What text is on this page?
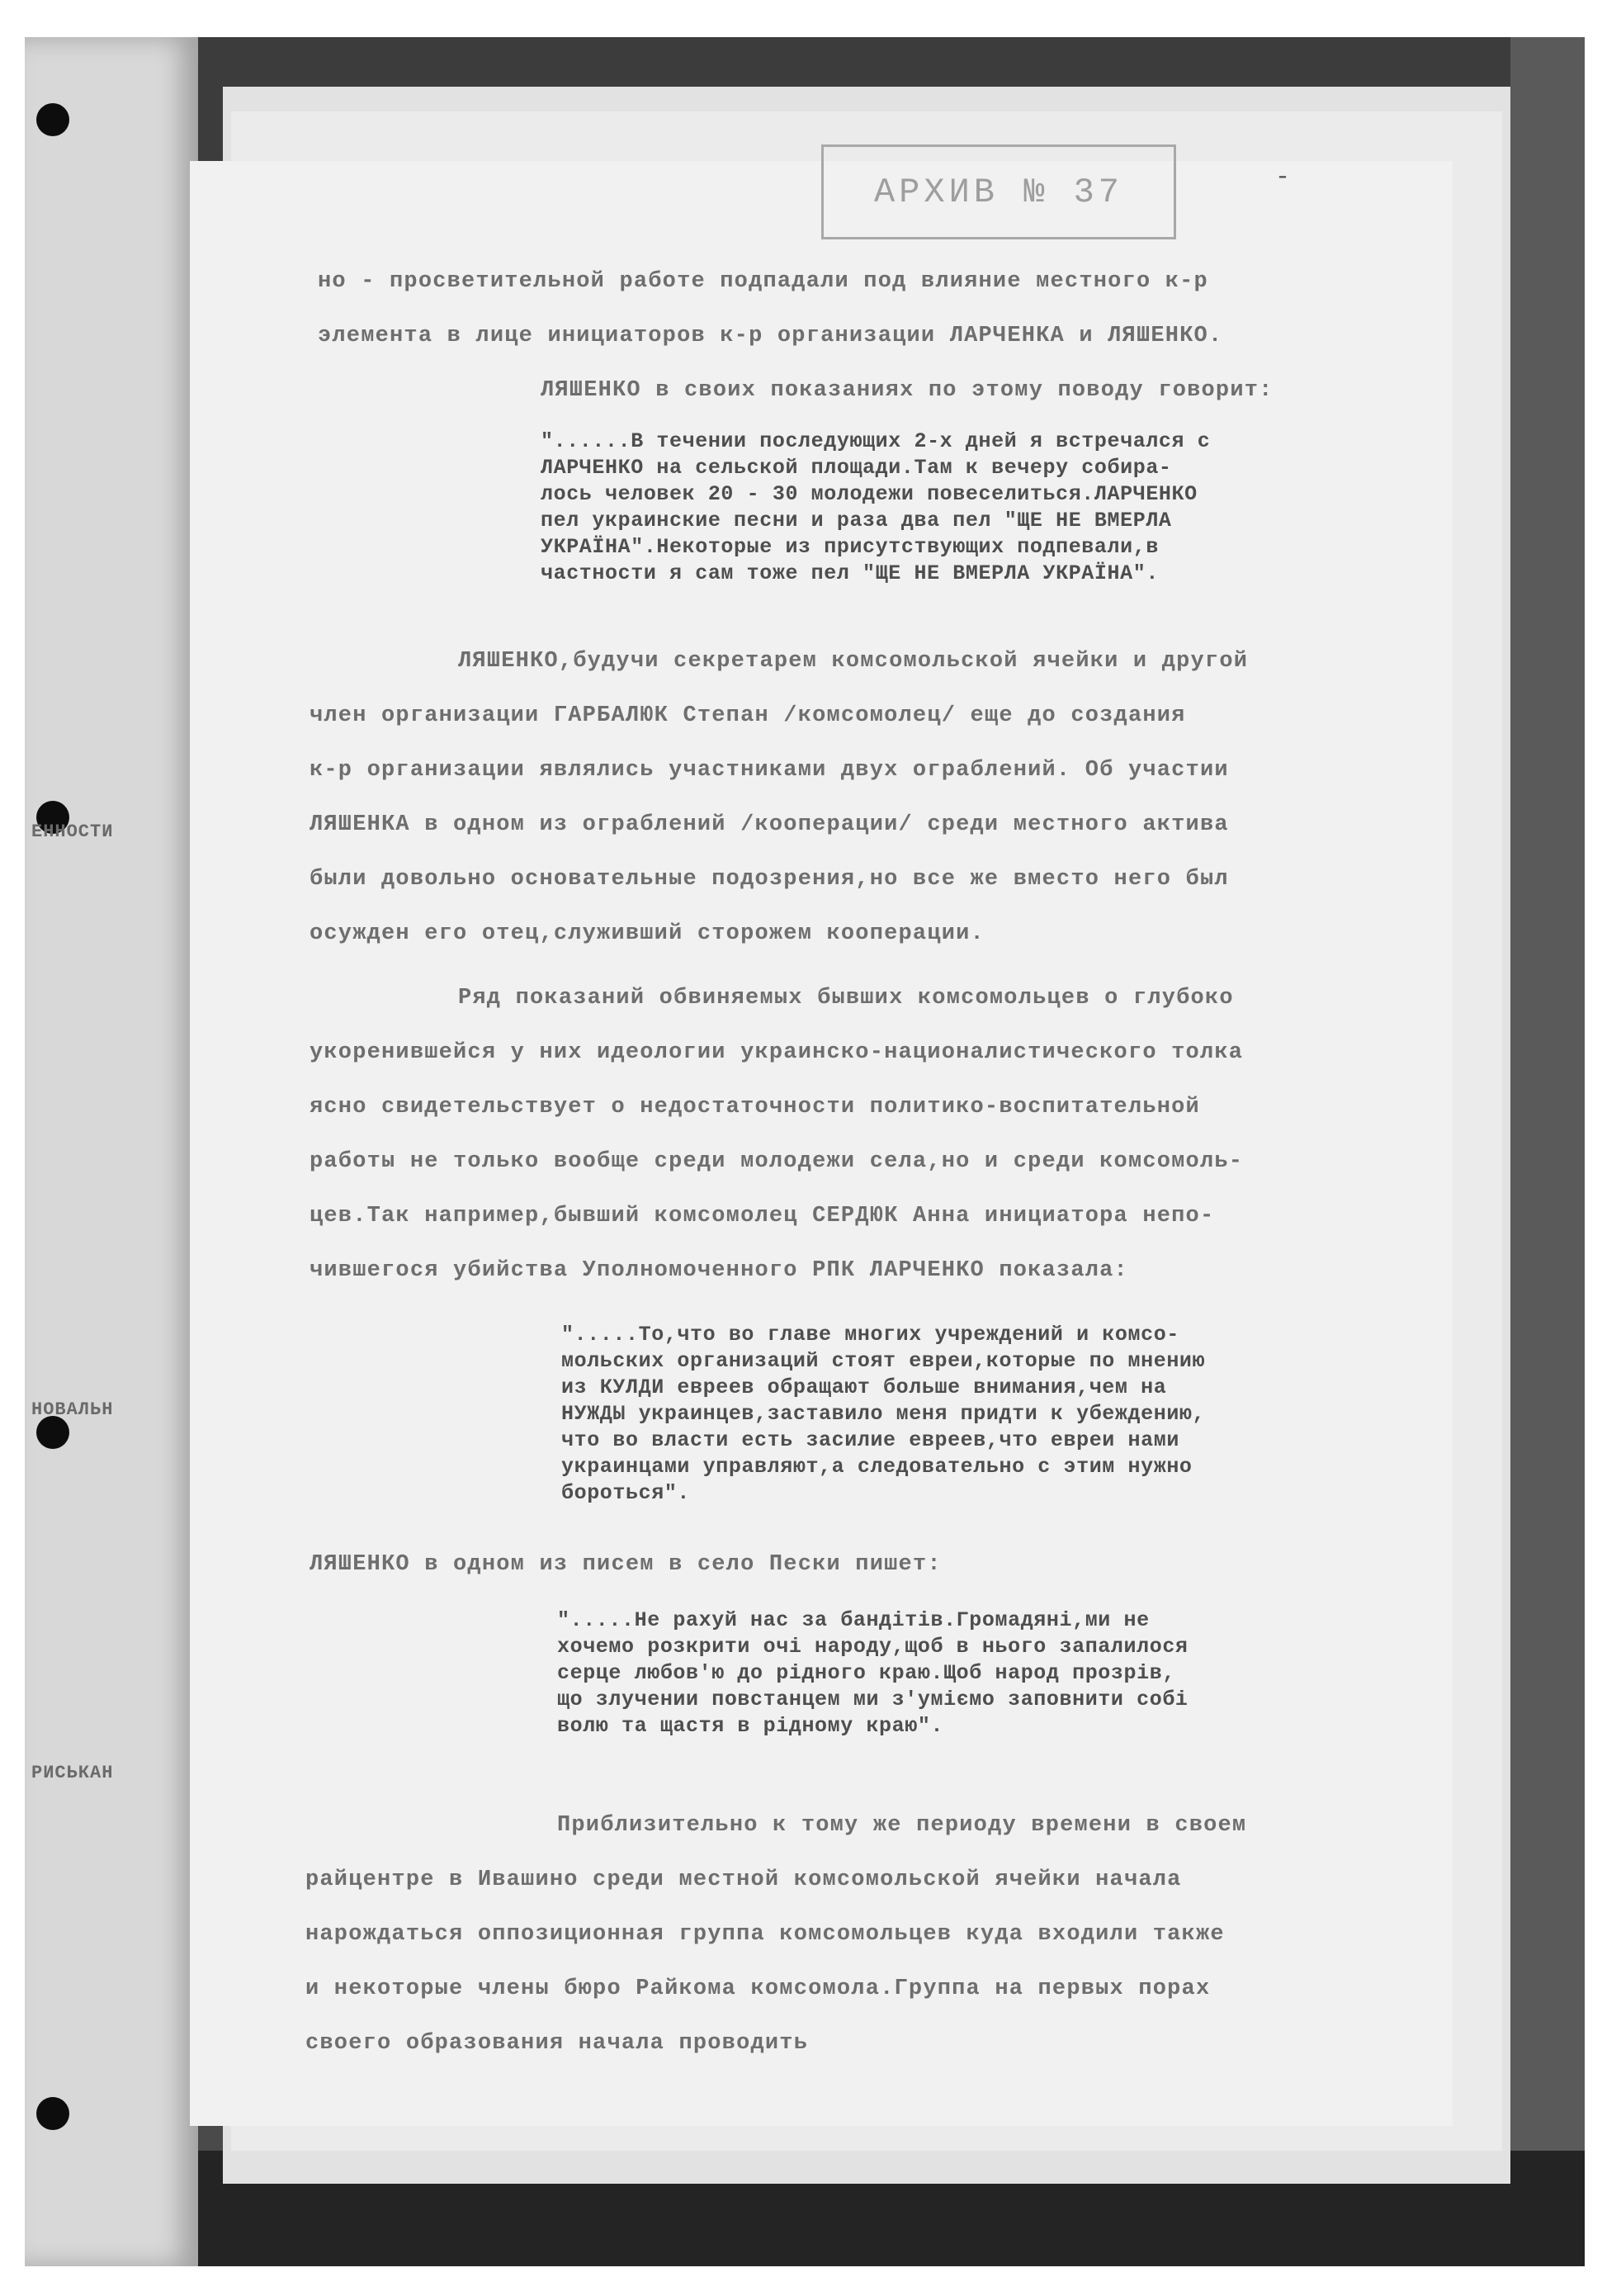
ЕННОСТИ
НОВАЛЬН
РИСЬКАН
АРХИВ № 37	-
но - просветительной работе подпадали под влияние местного к-р
элемента в лице инициаторов к-р организации ЛАРЧЕНКА и ЛЯШЕНКО.
ЛЯШЕНКО в своих показаниях по этому поводу говорит:
"......В течении последующих 2-х дней я встречался с
ЛАРЧЕНКО на сельской площади.Там к вечеру собира-
лось человек 20 - 30 молодежи повеселиться.ЛАРЧЕНКО
пел украинские песни и раза два пел "ЩЕ НЕ ВМЕРЛА
УКРАЇНА".Некоторые из присутствующих подпевали,в
частности я сам тоже пел "ЩЕ НЕ ВМЕРЛА УКРАЇНА".
ЛЯШЕНКО,будучи секретарем комсомольской ячейки и другой
член организации ГАРБАЛЮК Степан /комсомолец/ еще до создания
к-р организации являлись участниками двух ограблений. Об участии
ЛЯШЕНКА в одном из ограблений /кооперации/ среди местного актива
были довольно основательные подозрения,но все же вместо него был
осужден его отец,служивший сторожем кооперации.
Ряд показаний обвиняемых бывших комсомольцев о глубоко
укоренившейся у них идеологии украинско-националистического толка
ясно свидетельствует о недостаточности политико-воспитательной
работы не только вообще среди молодежи села,но и среди комсомоль-
цев.Так например,бывший комсомолец СЕРДЮК Анна инициатора непо-
чившегося убийства Уполномоченного РПК ЛАРЧЕНКО показала:
".....То,что во главе многих учреждений и комсо-
мольских организаций стоят евреи,которые по мнению
из КУЛДИ евреев обращают больше внимания,чем на
НУЖДЫ украинцев,заставило меня придти к убеждению,
что во власти есть засилие евреев,что евреи нами
украинцами управляют,а следовательно с этим нужно
бороться".
ЛЯШЕНКО в одном из писем в село Пески пишет:
".....Не рахуй нас за бандітів.Громадяні,ми не
хочемо розкрити очі народу,щоб в нього запалилося
серце любов'ю до рідного краю.Щоб народ прозрів,
що злучении повстанцем ми з'уміємо заповнити собі
волю та щастя в рідному краю".
Приблизительно к тому же периоду времени в своем
райцентре в Ивашино среди местной комсомольской ячейки начала
нарождаться оппозиционная группа комсомольцев куда входили также
и некоторые члены бюро Райкома комсомола.Группа на первых порах
своего образования начала проводить
